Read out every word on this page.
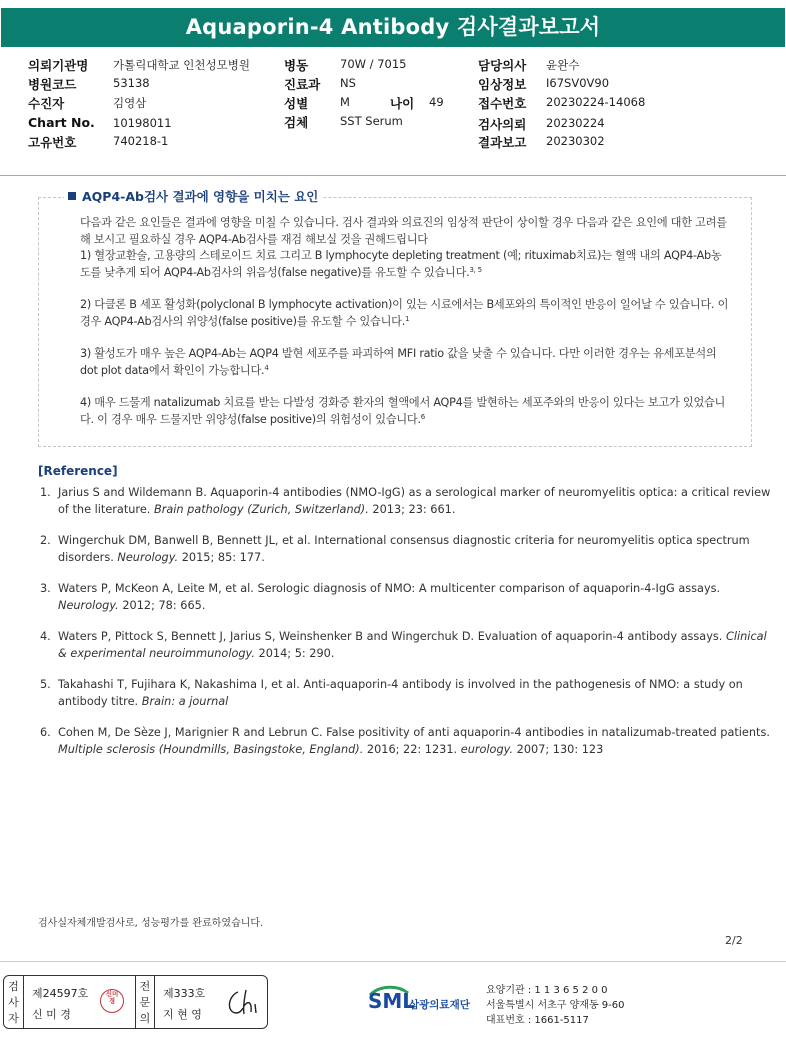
Aquaporin-4 Antibody 검사결과보고서
의뢰기관명 가톨릭대학교 인천성모병원
병원코드	53138
수진자	김영삼
Chart No. 10198011
고유번호	740218-1
병동	70W / 7015
진료과 NS
성별	M	나이 49
검체	SST Serum
담당의사 윤완수
임상정보 I67SV0V90
접수번호 20230224-14068
검사의뢰 20230224
결과보고 20230302
AQP4-Ab검사 결과에 영향을 미치는 요인

다음과 같은 요인들은 결과에 영향을 미칠 수 있습니다. 검사 결과와 의료진의 임상적 판단이 상이할 경우 다음과 같은 요인에 대한 고려를 해 보시고 필요하실 경우 AQP4-Ab검사를 재검 해보실 것을 권해드립니다

1) 혈장교환술, 고용량의 스테로이드 치료 그리고 B lymphocyte depleting treatment (예; rituximab치료)는 혈액 내의 AQP4-Ab농도를 낮추게 되어 AQP4-Ab검사의 위음성(false negative)를 유도할 수 있습니다.$^{3, 5}$

2) 다클론 B 세포 활성화(polyclonal B lymphocyte activation)이 있는 시료에서는 B세포와의 특이적인 반응이 일어날 수 있습니다. 이 경우 AQP4-Ab검사의 위양성(false positive)를 유도할 수 있습니다.$^1$

3) 활성도가 매우 높은 AQP4-Ab는 AQP4 발현 세포주를 파괴하여 MFI ratio 값을 낮출 수 있습니다. 다만 이러한 경우는 유세포분석의 dot plot data에서 확인이 가능합니다.$^4$

4) 매우 드물게 natalizumab 치료를 받는 다발성 경화증 환자의 혈액에서 AQP4를 발현하는 세포주와의 반응이 있다는 보고가 있었습니다. 이 경우 매우 드물지만 위양성(false positive)의 위험성이 있습니다.$^6$

[Reference]
1. Jarius S and Wildemann B. Aquaporin-4 antibodies (NMO-IgG) as a serological marker of neuromyelitis optica: a critical review of the literature. Brain pathology (Zurich, Switzerland). 2013; 23: 661.
2. Wingerchuk DM, Banwell B, Bennett JL, et al. International consensus diagnostic criteria for neuromyelitis optica spectrum disorders. Neurology. 2015; 85: 177.
3. Waters P, McKeon A, Leite M, et al. Serologic diagnosis of NMO: A multicenter comparison of aquaporin-4-IgG assays. Neurology. 2012; 78: 665.
4. Waters P, Pittock S, Bennett J, Jarius S, Weinshenker B and Wingerchuk D. Evaluation of aquaporin-4 antibody assays. Clinical & experimental neuroimmunology. 2014; 5: 290.
5. Takahashi T, Fujihara K, Nakashima I, et al. Anti-aquaporin-4 antibody is involved in the pathogenesis of NMO: a study on antibody titre. Brain: a journal
6. Cohen M, De Sèze J, Marignier R and Lebrun C. False positivity of anti aquaporin-4 antibodies in natalizumab-treated patients. Multiple sclerosis (Houndmills, Basingstoke, England). 2016; 22: 1231. eurology. 2007; 130: 123
검사실자체개발검사로, 성능평가를 완료하였습니다.
2/2
검사자
제24597호
신 미 경
신미경
전문의
제333호
지 현 영
SML
삼광의료재단
요양기관 : 1 1 3 6 5 2 0 0
서울특별시 서초구 양재동 9-60
대표번호 : 1661-5117
